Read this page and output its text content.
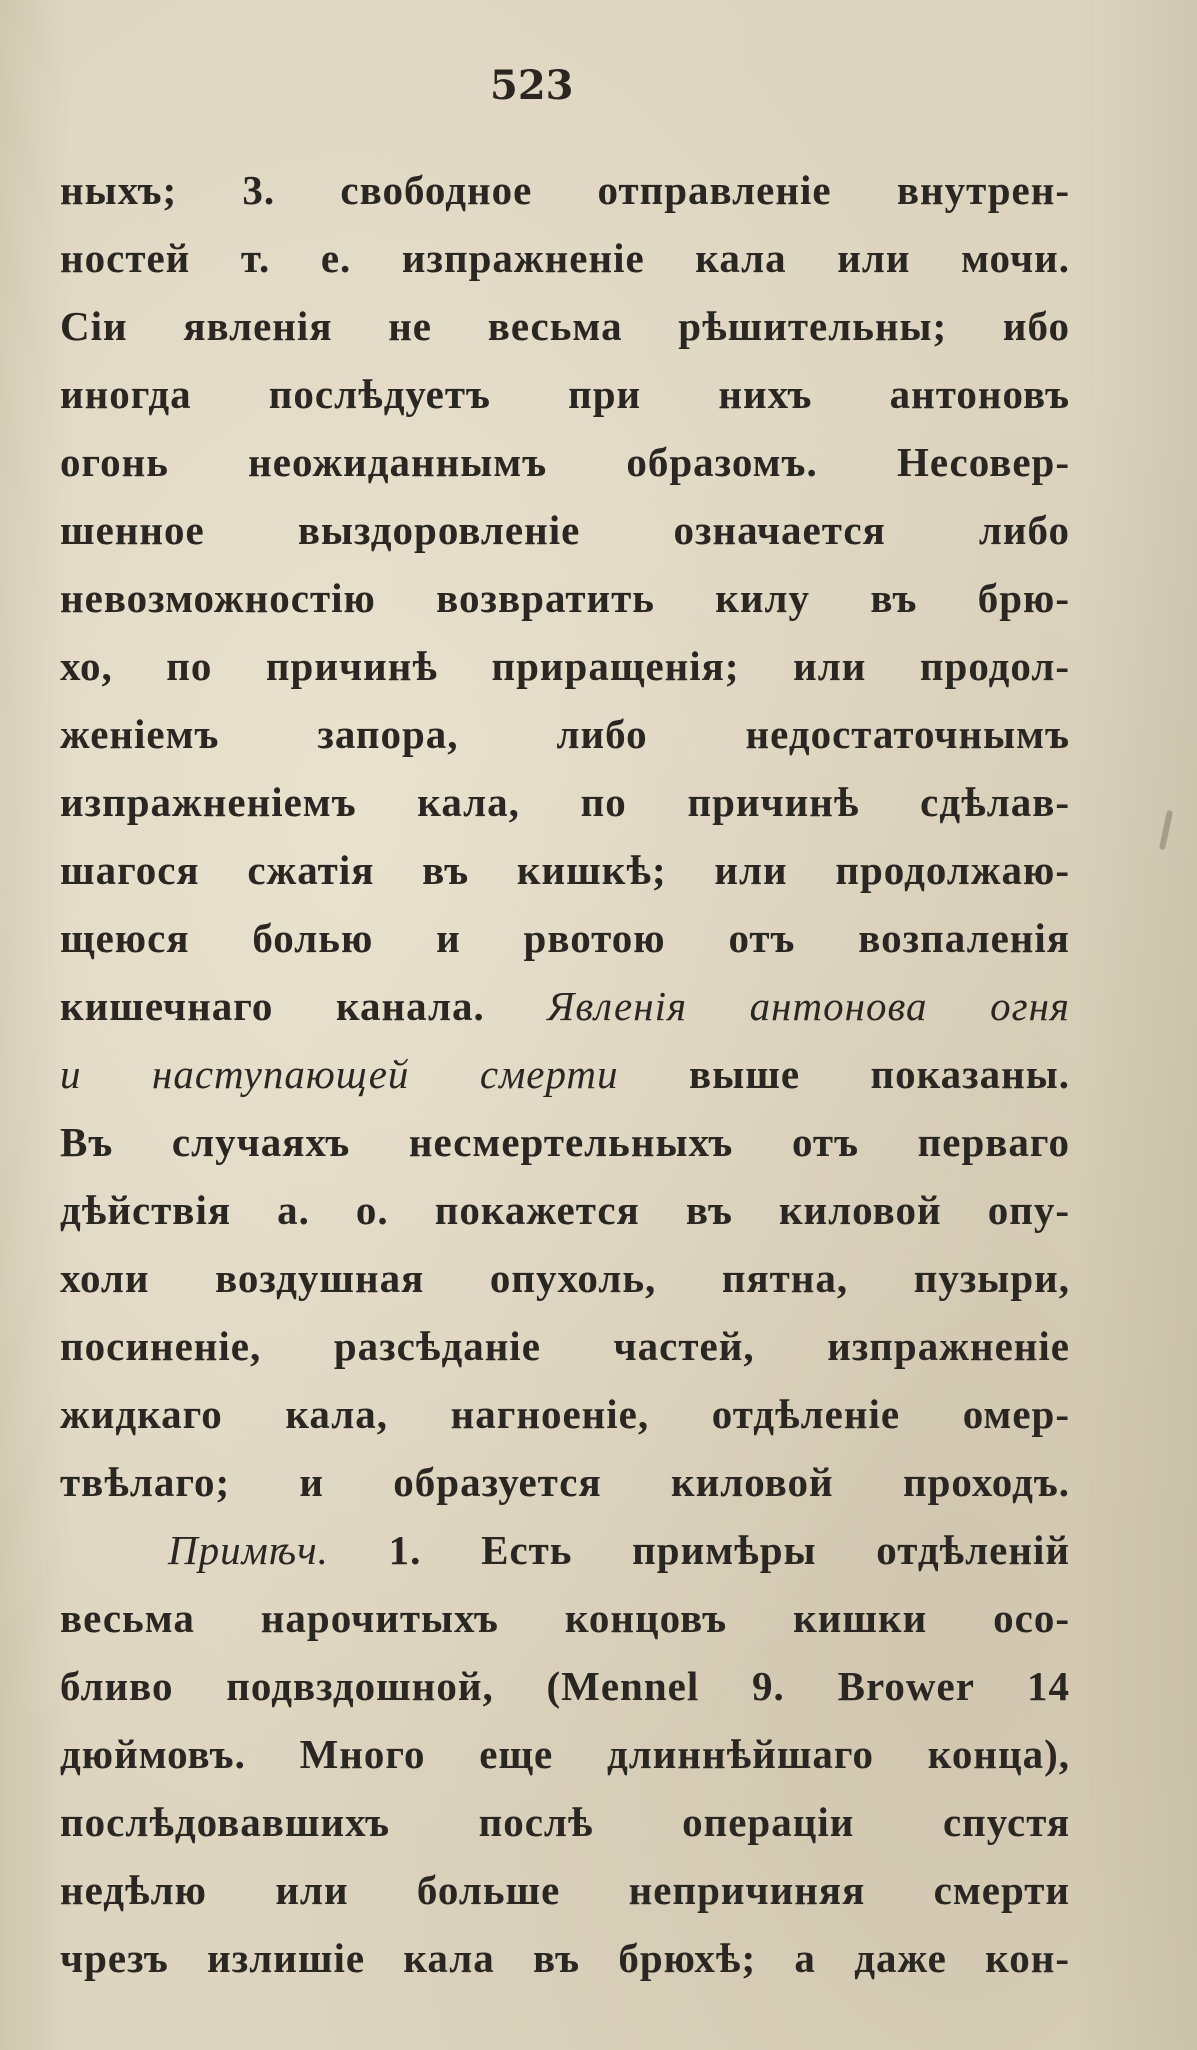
523
ныхъ; 3. свободное отправленіе внутрен-
ностей т. е. изпражненіе кала или мочи.
Сіи явленія не весьма рѣшительны; ибо
иногда послѣдуетъ при нихъ антоновъ
огонь неожиданнымъ образомъ. Несовер-
шенное выздоровленіе означается либо
невозможностію возвратить килу въ брю-
хо, по причинѣ приращенія; или продол-
женіемъ запора, либо недостаточнымъ
изпражненіемъ кала, по причинѣ сдѣлав-
шагося сжатія въ кишкѣ; или продолжаю-
щеюся болью и рвотою отъ возпаленія
кишечнаго канала. Явленія антонова огня
и наступающей смерти выше показаны.
Въ случаяхъ несмертельныхъ отъ перваго
дѣйствія а. о. покажется въ киловой опу-
холи воздушная опухоль, пятна, пузыри,
посиненіе, разсѣданіе частей, изпражненіе
жидкаго кала, нагноеніе, отдѣленіе омер-
твѣлаго; и образуется киловой проходъ.
Примѣч. 1. Есть примѣры отдѣленій
весьма нарочитыхъ концовъ кишки осо-
бливо подвздошной, (Mennel 9. Brower 14
дюймовъ. Много еще длиннѣйшаго конца),
послѣдовавшихъ послѣ операціи спустя
недѣлю или больше непричиняя смерти
чрезъ излишіе кала въ брюхѣ; а даже кон-
